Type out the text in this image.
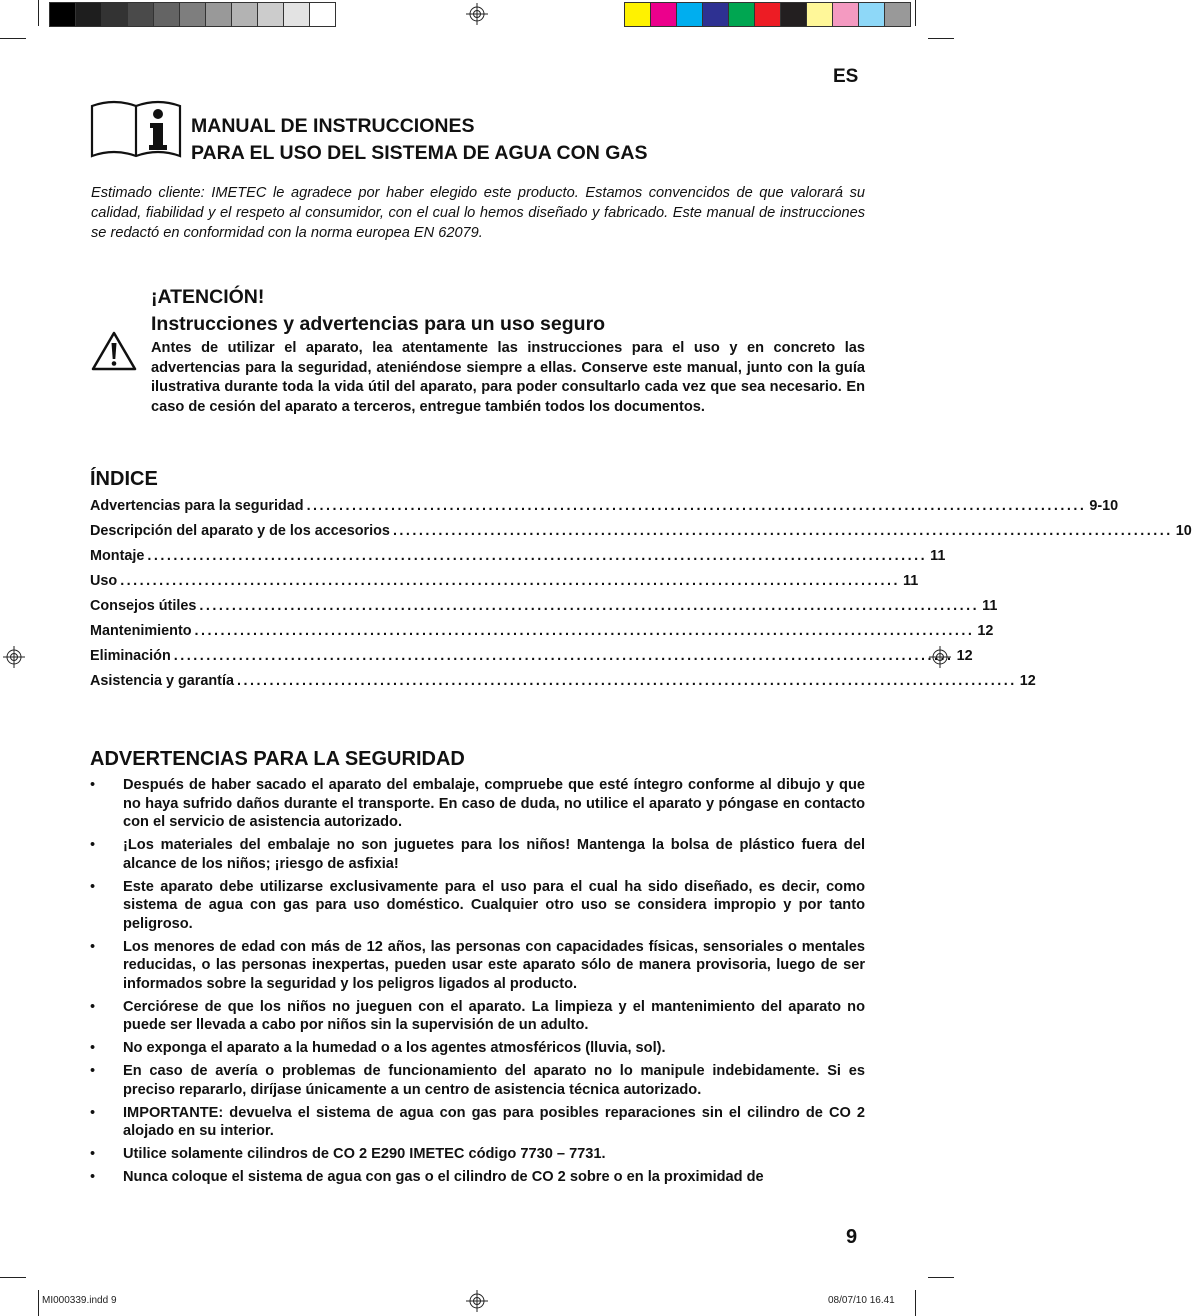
ES
MANUAL DE INSTRUCCIONES
PARA EL USO DEL SISTEMA DE AGUA CON GAS
Estimado cliente: IMETEC le agradece por haber elegido este producto. Estamos convencidos de que valorará su calidad, fiabilidad y el respeto al consumidor, con el cual lo hemos diseñado y fabricado. Este manual de instrucciones se redactó en conformidad con la norma europea EN 62079.
¡ATENCIÓN!
Instrucciones y advertencias para un uso seguro
Antes de utilizar el aparato, lea atentamente las instrucciones para el uso y en concreto las advertencias para la seguridad, ateniéndose siempre a ellas. Conserve este manual, junto con la guía ilustrativa durante toda la vida útil del aparato, para poder consultarlo cada vez que sea necesario. En caso de cesión del aparato a terceros, entregue también todos los documentos.
ÍNDICE
Advertencias para la seguridad ........................................................................................................................ 9-10
Descripción del aparato y de los accesorios ........................................................................................................................ 10
Montaje ........................................................................................................................ 11
Uso ........................................................................................................................ 11
Consejos útiles ........................................................................................................................ 11
Mantenimiento ........................................................................................................................ 12
Eliminación ........................................................................................................................ 12
Asistencia y garantía ........................................................................................................................ 12
ADVERTENCIAS PARA LA SEGURIDAD
• Después de haber sacado el aparato del embalaje, compruebe que esté íntegro conforme al dibujo y que no haya sufrido daños durante el transporte. En caso de duda, no utilice el aparato y póngase en contacto con el servicio de asistencia autorizado.
• ¡Los materiales del embalaje no son juguetes para los niños! Mantenga la bolsa de plástico fuera del alcance de los niños; ¡riesgo de asfixia!
• Este aparato debe utilizarse exclusivamente para el uso para el cual ha sido diseñado, es decir, como sistema de agua con gas para uso doméstico. Cualquier otro uso se considera impropio y por tanto peligroso.
• Los menores de edad con más de 12 años, las personas con capacidades físicas, sensoriales o mentales reducidas, o las personas inexpertas, pueden usar este aparato sólo de manera provisoria, luego de ser informados sobre la seguridad y los peligros ligados al producto.
• Cerciórese de que los niños no jueguen con el aparato. La limpieza y el mantenimiento del aparato no puede ser llevada a cabo por niños sin la supervisión de un adulto.
• No exponga el aparato a la humedad o a los agentes atmosféricos (lluvia, sol).
• En caso de avería o problemas de funcionamiento del aparato no lo manipule indebidamente. Si es preciso repararlo, diríjase únicamente a un centro de asistencia técnica autorizado.
• IMPORTANTE: devuelva el sistema de agua con gas para posibles reparaciones sin el cilindro de CO 2 alojado en su interior.
• Utilice solamente cilindros de CO 2 E290 IMETEC código 7730 – 7731.
• Nunca coloque el sistema de agua con gas o el cilindro de CO 2 sobre o en la proximidad de
9
MI000339.indd 9	08/07/10 16.41
